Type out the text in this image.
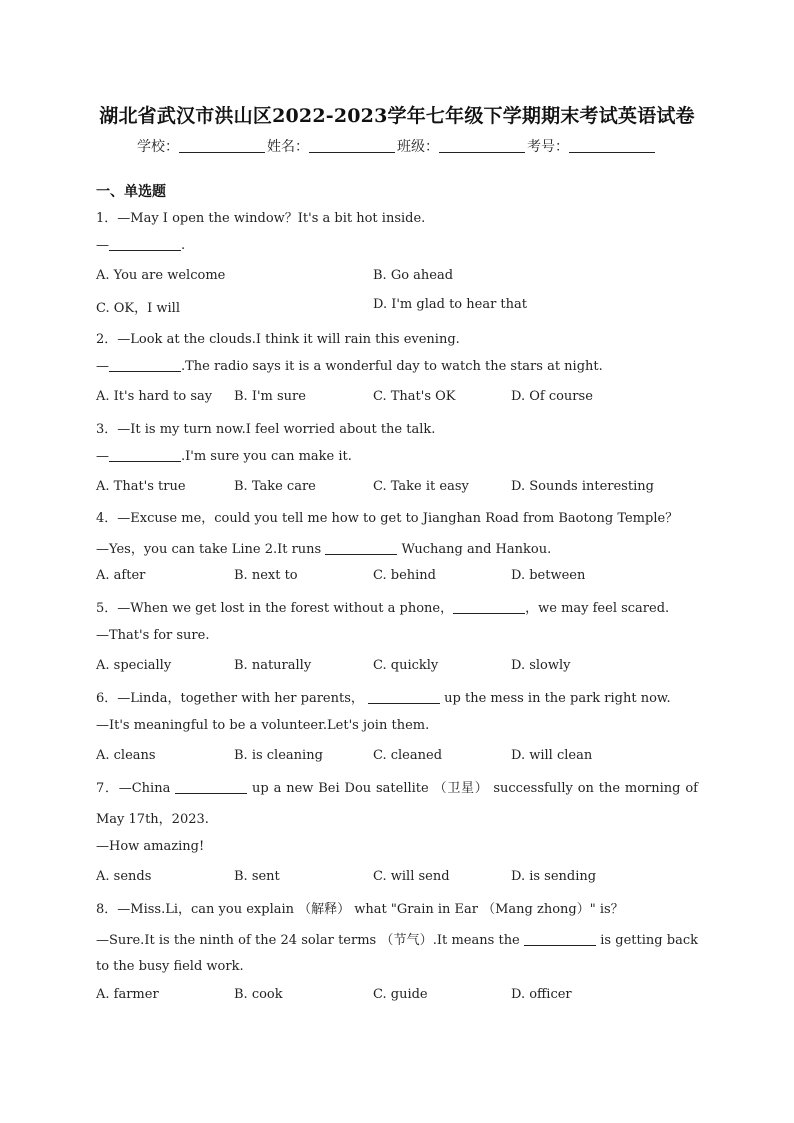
湖北省武汉市洪山区2022-2023学年七年级下学期期末考试英语试卷
学校：	姓名：	班级：	考号：
一、单选题
1．—May I open the window？It's a bit hot inside.
—	.
A. You are welcome	B. Go ahead
C. OK，I will	D. I'm glad to hear that
2．—Look at the clouds.I think it will rain this evening.
—	.The radio says it is a wonderful day to watch the stars at night.
A. It's hard to say B. I'm sure	C. That's OK	D. Of course
3．—It is my turn now.I feel worried about the talk.
—	.I'm sure you can make it.
A. That's true	B. Take care	C. Take it easy	D. Sounds interesting
4．—Excuse me，could you tell me how to get to Jianghan Road from Baotong Temple？
—Yes，you can take Line 2.It runs	Wuchang and Hankou.
A. after	B. next to	C. behind	D. between
5．—When we get lost in the forest without a phone，	，we may feel scared.
—That's for sure.
A. specially	B. naturally	C. quickly	D. slowly
6．—Linda，together with her parents，	up the mess in the park right now.
—It's meaningful to be a volunteer.Let's join them.
A. cleans	B. is cleaning	C. cleaned	D. will clean
7．—China	up a new Bei Dou satellite （卫星） successfully on the morning of
May 17th，2023.
—How amazing!
A. sends	B. sent	C. will send	D. is sending
8．—Miss.Li，can you explain （解释） what "Grain in Ear （Mang zhong）" is？
—Sure.It is the ninth of the 24 solar terms （节气）.It means the	is getting back
to the busy field work.
A. farmer	B. cook	C. guide	D. officer
